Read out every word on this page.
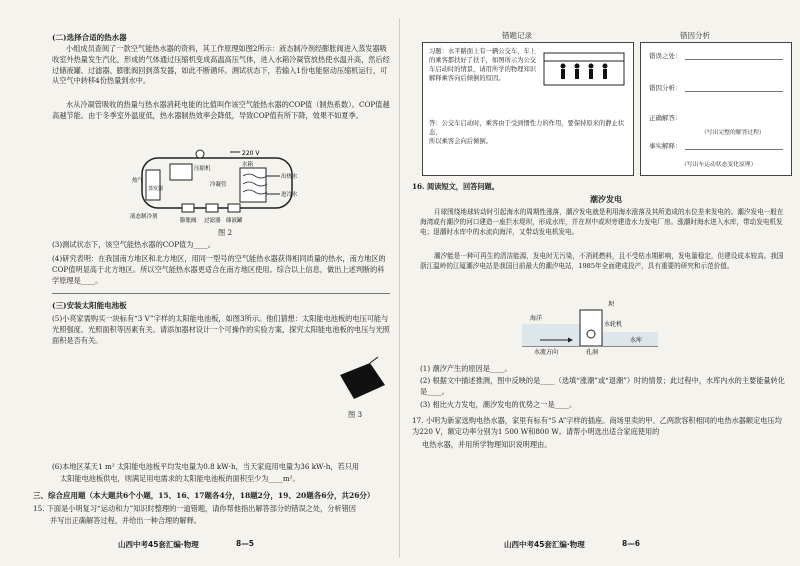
(二)选择合适的热水器
小组成员查阅了一款空气能热水器的资料，其工作原理如图2所示：液态制冷剂经膨胀阀进入蒸发器吸收室外热量发生汽化，形成的气体通过压缩机变成高温高压气体，进入水箱冷凝管放热使水温升高，然后经过储液罐、过滤器、膨胀阀回到蒸发器，如此不断循环。测试状态下，若输入1份电能驱动压缩机运行，可从空气中转移4份热量到水中。
水从冷凝管吸收的热量与热水器消耗电能的比值叫作该空气能热水器的COP值（制热系数）。COP值越高越节能。由于冬季室外温度低，热水器制热效率会降低，导致COP值有所下降，效果不如夏季。
220 V
压缩机
热气
蒸发器
冷凝管
水箱
进冷水
出热水
液态制冷剂
膨胀阀 过滤器 储液罐
图 2
(3)测试状态下，该空气能热水器的COP值为____。
(4)研究表明：在我国南方地区和北方地区，用同一型号的空气能热水器获得相同质量的热水，南方地区的COP值明显高于北方地区。所以空气能热水器更适合在南方地区使用。综合以上信息，做出上述判断的科学原理是____。
(三)安装太阳能电池板
(5)小亮家需购买一块标有“3 V”字样的太阳能电池板，如图3所示。他们猜想：太阳能电池板的电压可能与光照强度、光照面积等因素有关。请添加器材设计一个可操作的实验方案，探究太阳能电池板的电压与光照面积是否有关。
图 3
(6)本地区某天1 m² 太阳能电池板平均发电量为0.8 kW·h，当天家庭用电量为36 kW·h，若只用
太阳能电池板供电，则满足用电需求的太阳能电池板的面积至少为____m²。
三、综合应用题（本大题共6个小题，15、16、17题各4分，18题2分，19、20题各6分，共26分）
15. 下面是小明复习“运动和力”知识时整理的一道错题，请你帮他指出解答部分的错误之处，分析错因
并写出正确解答过程，并给出一种合理的解释。
山西中考45套汇编·物理	8—5
错题记录	错因分析
习题：水平路面上有一辆公交车，车上的乘客都扶好了扶手，如图所示为公交车启动时的情景，请用所学的物理知识解释乘客向后倾倒的原因。
答：公交车启动时，乘客由于受到惯性力的作用，要保持原来的静止状态，
所以乘客会向后倾倒。
错误之处：
错因分析：
正确解答：
（写出完整的解答过程）
事实解释：
（写出车运动状态变化原理）
16. 阅读短文，回答问题。
潮汐发电
月球围绕地球转动时引起海水的周期性涨落，潮汐发电就是利用海水涨落及其所造成的水位差来发电的。潮汐发电一般在海湾或有潮汐的河口建造一座拦水堤坝，形成水库，并在坝中或坝旁建造水力发电厂房。涨潮时海水进入水库，带动发电机发电；退潮时水库中的水流向海洋，又带动发电机发电。
潮汐能是一种可再生的清洁能源，发电时无污染，不消耗燃料，且不受枯水期影响，发电量稳定，但建设成本较高。我国浙江温岭的江厦潮汐电站是我国目前最大的潮汐电站，1985年全面建成投产，具有重要的研究和示范价值。
坝
海洋
水轮机
水库
水流方向	孔洞
(1) 潮汐产生的原因是____。
(2) 根据文中描述推测，图中反映的是____（选填“涨潮”或“退潮”）时的情景；此过程中，水库内水的主要能量转化是____。
(3) 相比火力发电，潮汐发电的优势之一是____。
17. 小明为新家选购电热水器，家里有标有“5 A”字样的插座。商场里卖的甲、乙两款容积相同的电热水器额定电压均为220 V，额定功率分别为1 500 W和800 W。请帮小明选出适合家庭使用的
电热水器，并用所学物理知识说明理由。
山西中考45套汇编·物理	8—6
